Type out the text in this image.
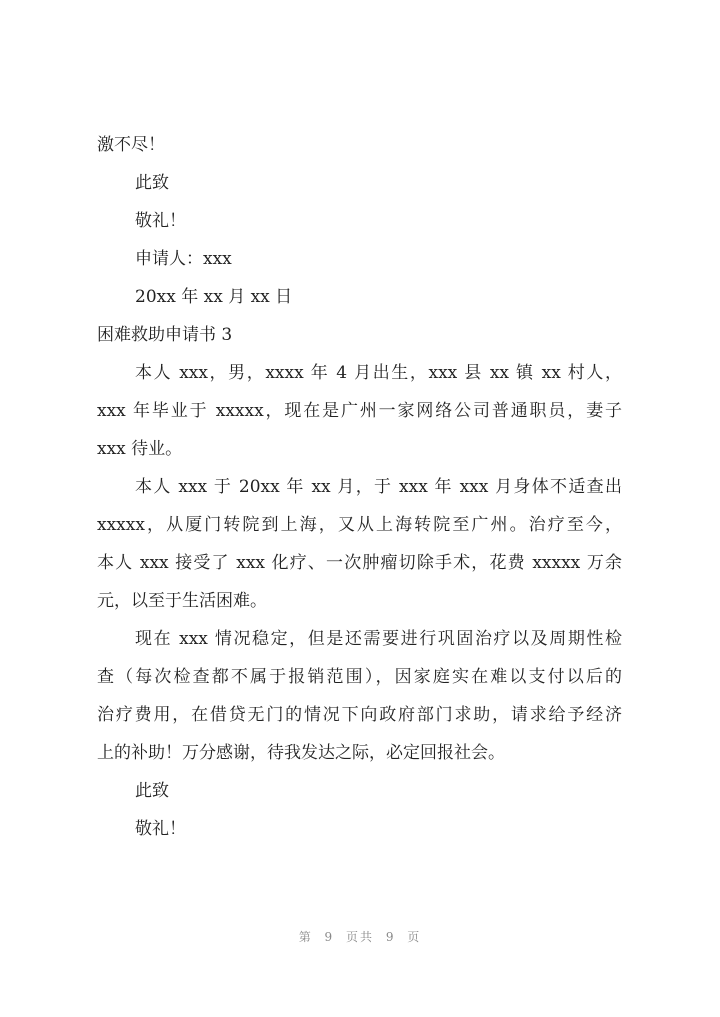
激不尽！
此致
敬礼！
申请人：xxx
20xx 年 xx 月 xx 日
困难救助申请书 3
本人 xxx，男，xxxx 年 4 月出生，xxx 县 xx 镇 xx 村人，
xxx 年毕业于 xxxxx，现在是广州一家网络公司普通职员，妻子
xxx 待业。
本人 xxx 于 20xx 年 xx 月，于 xxx 年 xxx 月身体不适查出
xxxxx，从厦门转院到上海，又从上海转院至广州。治疗至今，
本人 xxx 接受了 xxx 化疗、一次肿瘤切除手术，花费 xxxxx 万余
元，以至于生活困难。
现在 xxx 情况稳定，但是还需要进行巩固治疗以及周期性检
查（每次检查都不属于报销范围），因家庭实在难以支付以后的
治疗费用，在借贷无门的情况下向政府部门求助，请求给予经济
上的补助！万分感谢，待我发达之际，必定回报社会。
此致
敬礼！
第 9 页共 9 页
